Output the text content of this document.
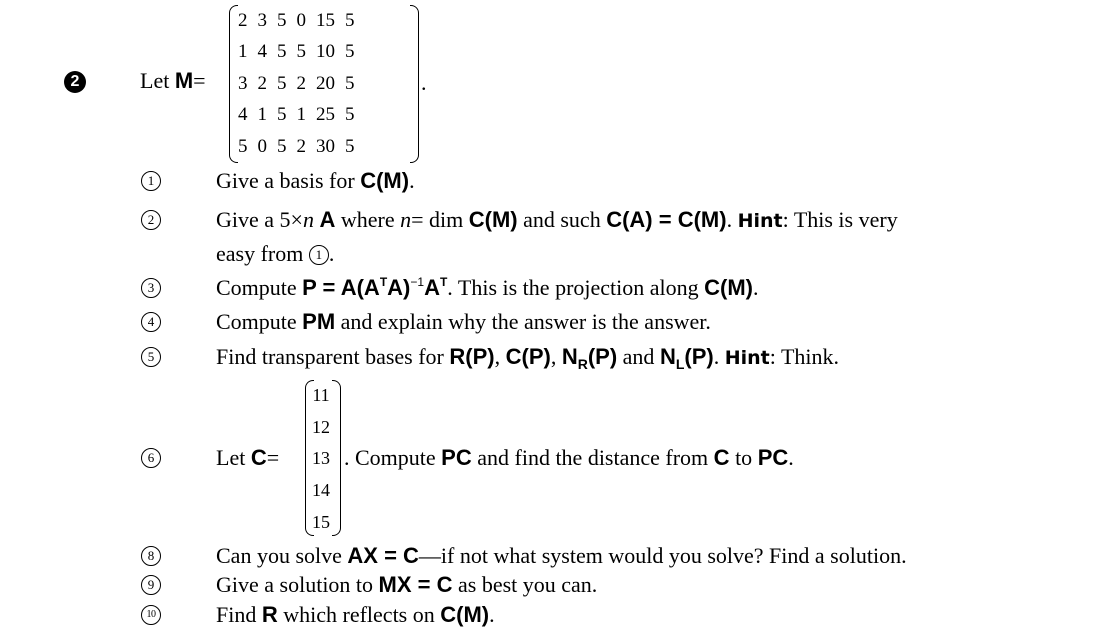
2	Let M=
2	3	5	0	15	5
1	4	5	5	10	5
3	2	5	2	20	5
4	1	5	1	25	5
5	0	5	2	30	5
.
1	Give a basis for C(M).
2	Give a 5×n A where n= dim C(M) and such C(A) = C(M). Hint: This is very
easy from 1 .
3	Compute $P = A(A^TA)^{-1}A^T$. This is the projection along C(M).
4	Compute PM and explain why the answer is the answer.
5	Find transparent bases for R(P), C(P), $N_R(P)$ and $N_L(P)$. Hint: Think.
6	Let C=
11
12
13
14
15
. Compute PC and find the distance from C to PC.
8	Can you solve AX = C—if not what system would you solve? Find a solution.
9	Give a solution to MX = C as best you can.
10	Find R which reflects on C(M).
